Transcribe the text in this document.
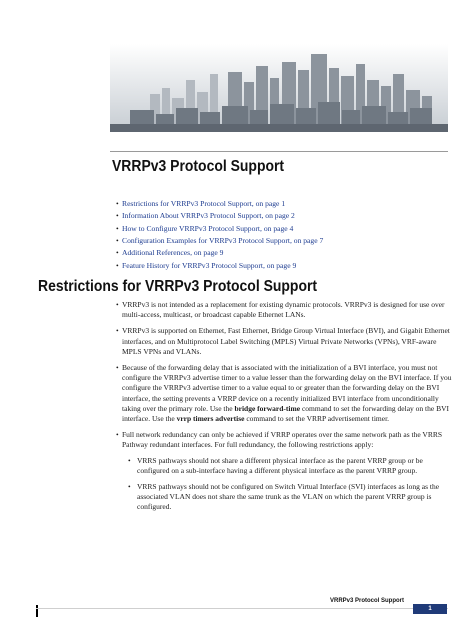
VRRPv3 Protocol Support
• Restrictions for VRRPv3 Protocol Support, on page 1
• Information About VRRPv3 Protocol Support, on page 2
• How to Configure VRRPv3 Protocol Support, on page 4
• Configuration Examples for VRRPv3 Protocol Support, on page 7
• Additional References, on page 9
• Feature History for VRRPv3 Protocol Support, on page 9
Restrictions for VRRPv3 Protocol Support
• VRRPv3 is not intended as a replacement for existing dynamic protocols. VRRPv3 is designed for use over multi-access, multicast, or broadcast capable Ethernet LANs.
• VRRPv3 is supported on Ethernet, Fast Ethernet, Bridge Group Virtual Interface (BVI), and Gigabit Ethernet interfaces, and on Multiprotocol Label Switching (MPLS) Virtual Private Networks (VPNs), VRF-aware MPLS VPNs and VLANs.
• Because of the forwarding delay that is associated with the initialization of a BVI interface, you must not configure the VRRPv3 advertise timer to a value lesser than the forwarding delay on the BVI interface. If you configure the VRRPv3 advertise timer to a value equal to or greater than the forwarding delay on the BVI interface, the setting prevents a VRRP device on a recently initialized BVI interface from unconditionally taking over the primary role. Use the bridge forward-time command to set the forwarding delay on the BVI interface. Use the vrrp timers advertise command to set the VRRP advertisement timer.
• Full network redundancy can only be achieved if VRRP operates over the same network path as the VRRS Pathway redundant interfaces. For full redundancy, the following restrictions apply:
• VRRS pathways should not share a different physical interface as the parent VRRP group or be configured on a sub-interface having a different physical interface as the parent VRRP group.
• VRRS pathways should not be configured on Switch Virtual Interface (SVI) interfaces as long as the associated VLAN does not share the same trunk as the VLAN on which the parent VRRP group is configured.
VRRPv3 Protocol Support
1
